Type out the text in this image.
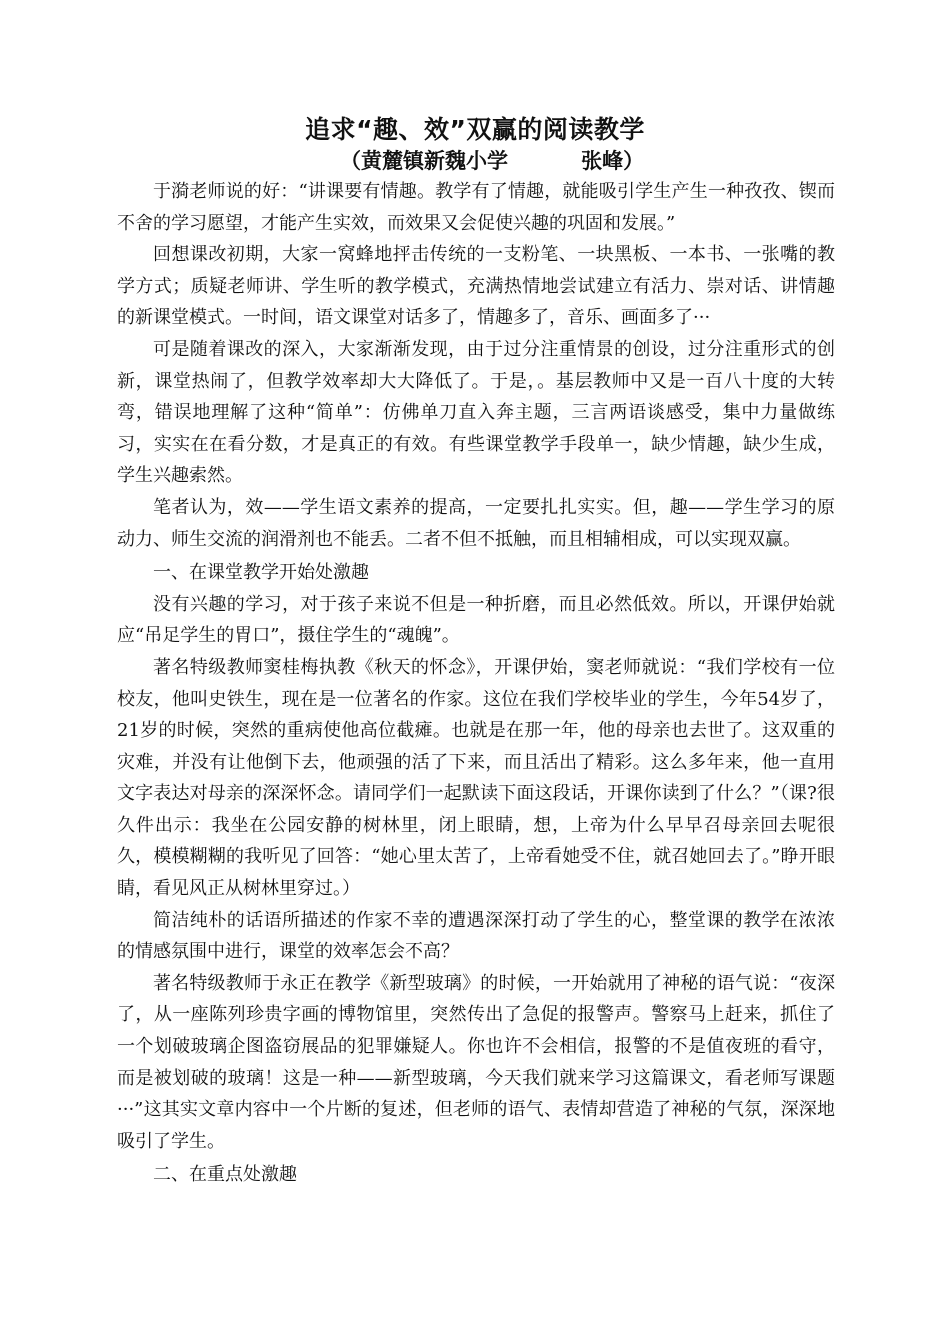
追求“趣、效”双赢的阅读教学
（黄麓镇新魏小学          张峰）

于漪老师说的好：“讲课要有情趣。教学有了情趣，就能吸引学生产生一种孜孜、锲而不舍的学习愿望，才能产生实效，而效果又会促使兴趣的巩固和发展。”

回想课改初期，大家一窝蜂地抨击传统的一支粉笔、一块黑板、一本书、一张嘴的教学方式；质疑老师讲、学生听的教学模式，充满热情地尝试建立有活力、崇对话、讲情趣的新课堂模式。一时间，语文课堂对话多了，情趣多了，音乐、画面多了···

可是随着课改的深入，大家渐渐发现，由于过分注重情景的创设，过分注重形式的创新，课堂热闹了，但教学效率却大大降低了。于是，。基层教师中又是一百八十度的大转弯，错误地理解了这种“简单”：仿佛单刀直入奔主题，三言两语谈感受，集中力量做练习，实实在在看分数，才是真正的有效。有些课堂教学手段单一，缺少情趣，缺少生成，学生兴趣索然。

笔者认为，效——学生语文素养的提高，一定要扎扎实实。但，趣——学生学习的原动力、师生交流的润滑剂也不能丢。二者不但不抵触，而且相辅相成，可以实现双赢。

一、在课堂教学开始处激趣

没有兴趣的学习，对于孩子来说不但是一种折磨，而且必然低效。所以，开课伊始就应“吊足学生的胃口”，摄住学生的“魂魄”。

著名特级教师窦桂梅执教《秋天的怀念》，开课伊始，窦老师就说：“我们学校有一位校友，他叫史铁生，现在是一位著名的作家。这位在我们学校毕业的学生，今年54岁了，21岁的时候，突然的重病使他高位截瘫。也就是在那一年，他的母亲也去世了。这双重的灾难，并没有让他倒下去，他顽强的活了下来，而且活出了精彩。这么多年来，他一直用文字表达对母亲的深深怀念。请同学们一起默读下面这段话，开课你读到了什么？”（课?很久件出示：我坐在公园安静的树林里，闭上眼睛，想，上帝为什么早早召母亲回去呢很久，模模糊糊的我听见了回答：“她心里太苦了，上帝看她受不住，就召她回去了。”睁开眼睛，看见风正从树林里穿过。）

简洁纯朴的话语所描述的作家不幸的遭遇深深打动了学生的心，整堂课的教学在浓浓的情感氛围中进行，课堂的效率怎会不高？

著名特级教师于永正在教学《新型玻璃》的时候，一开始就用了神秘的语气说：“夜深了，从一座陈列珍贵字画的博物馆里，突然传出了急促的报警声。警察马上赶来，抓住了一个划破玻璃企图盗窃展品的犯罪嫌疑人。你也许不会相信，报警的不是值夜班的看守，而是被划破的玻璃！这是一种——新型玻璃，今天我们就来学习这篇课文，看老师写课题···”这其实文章内容中一个片断的复述，但老师的语气、表情却营造了神秘的气氛，深深地吸引了学生。

二、在重点处激趣
